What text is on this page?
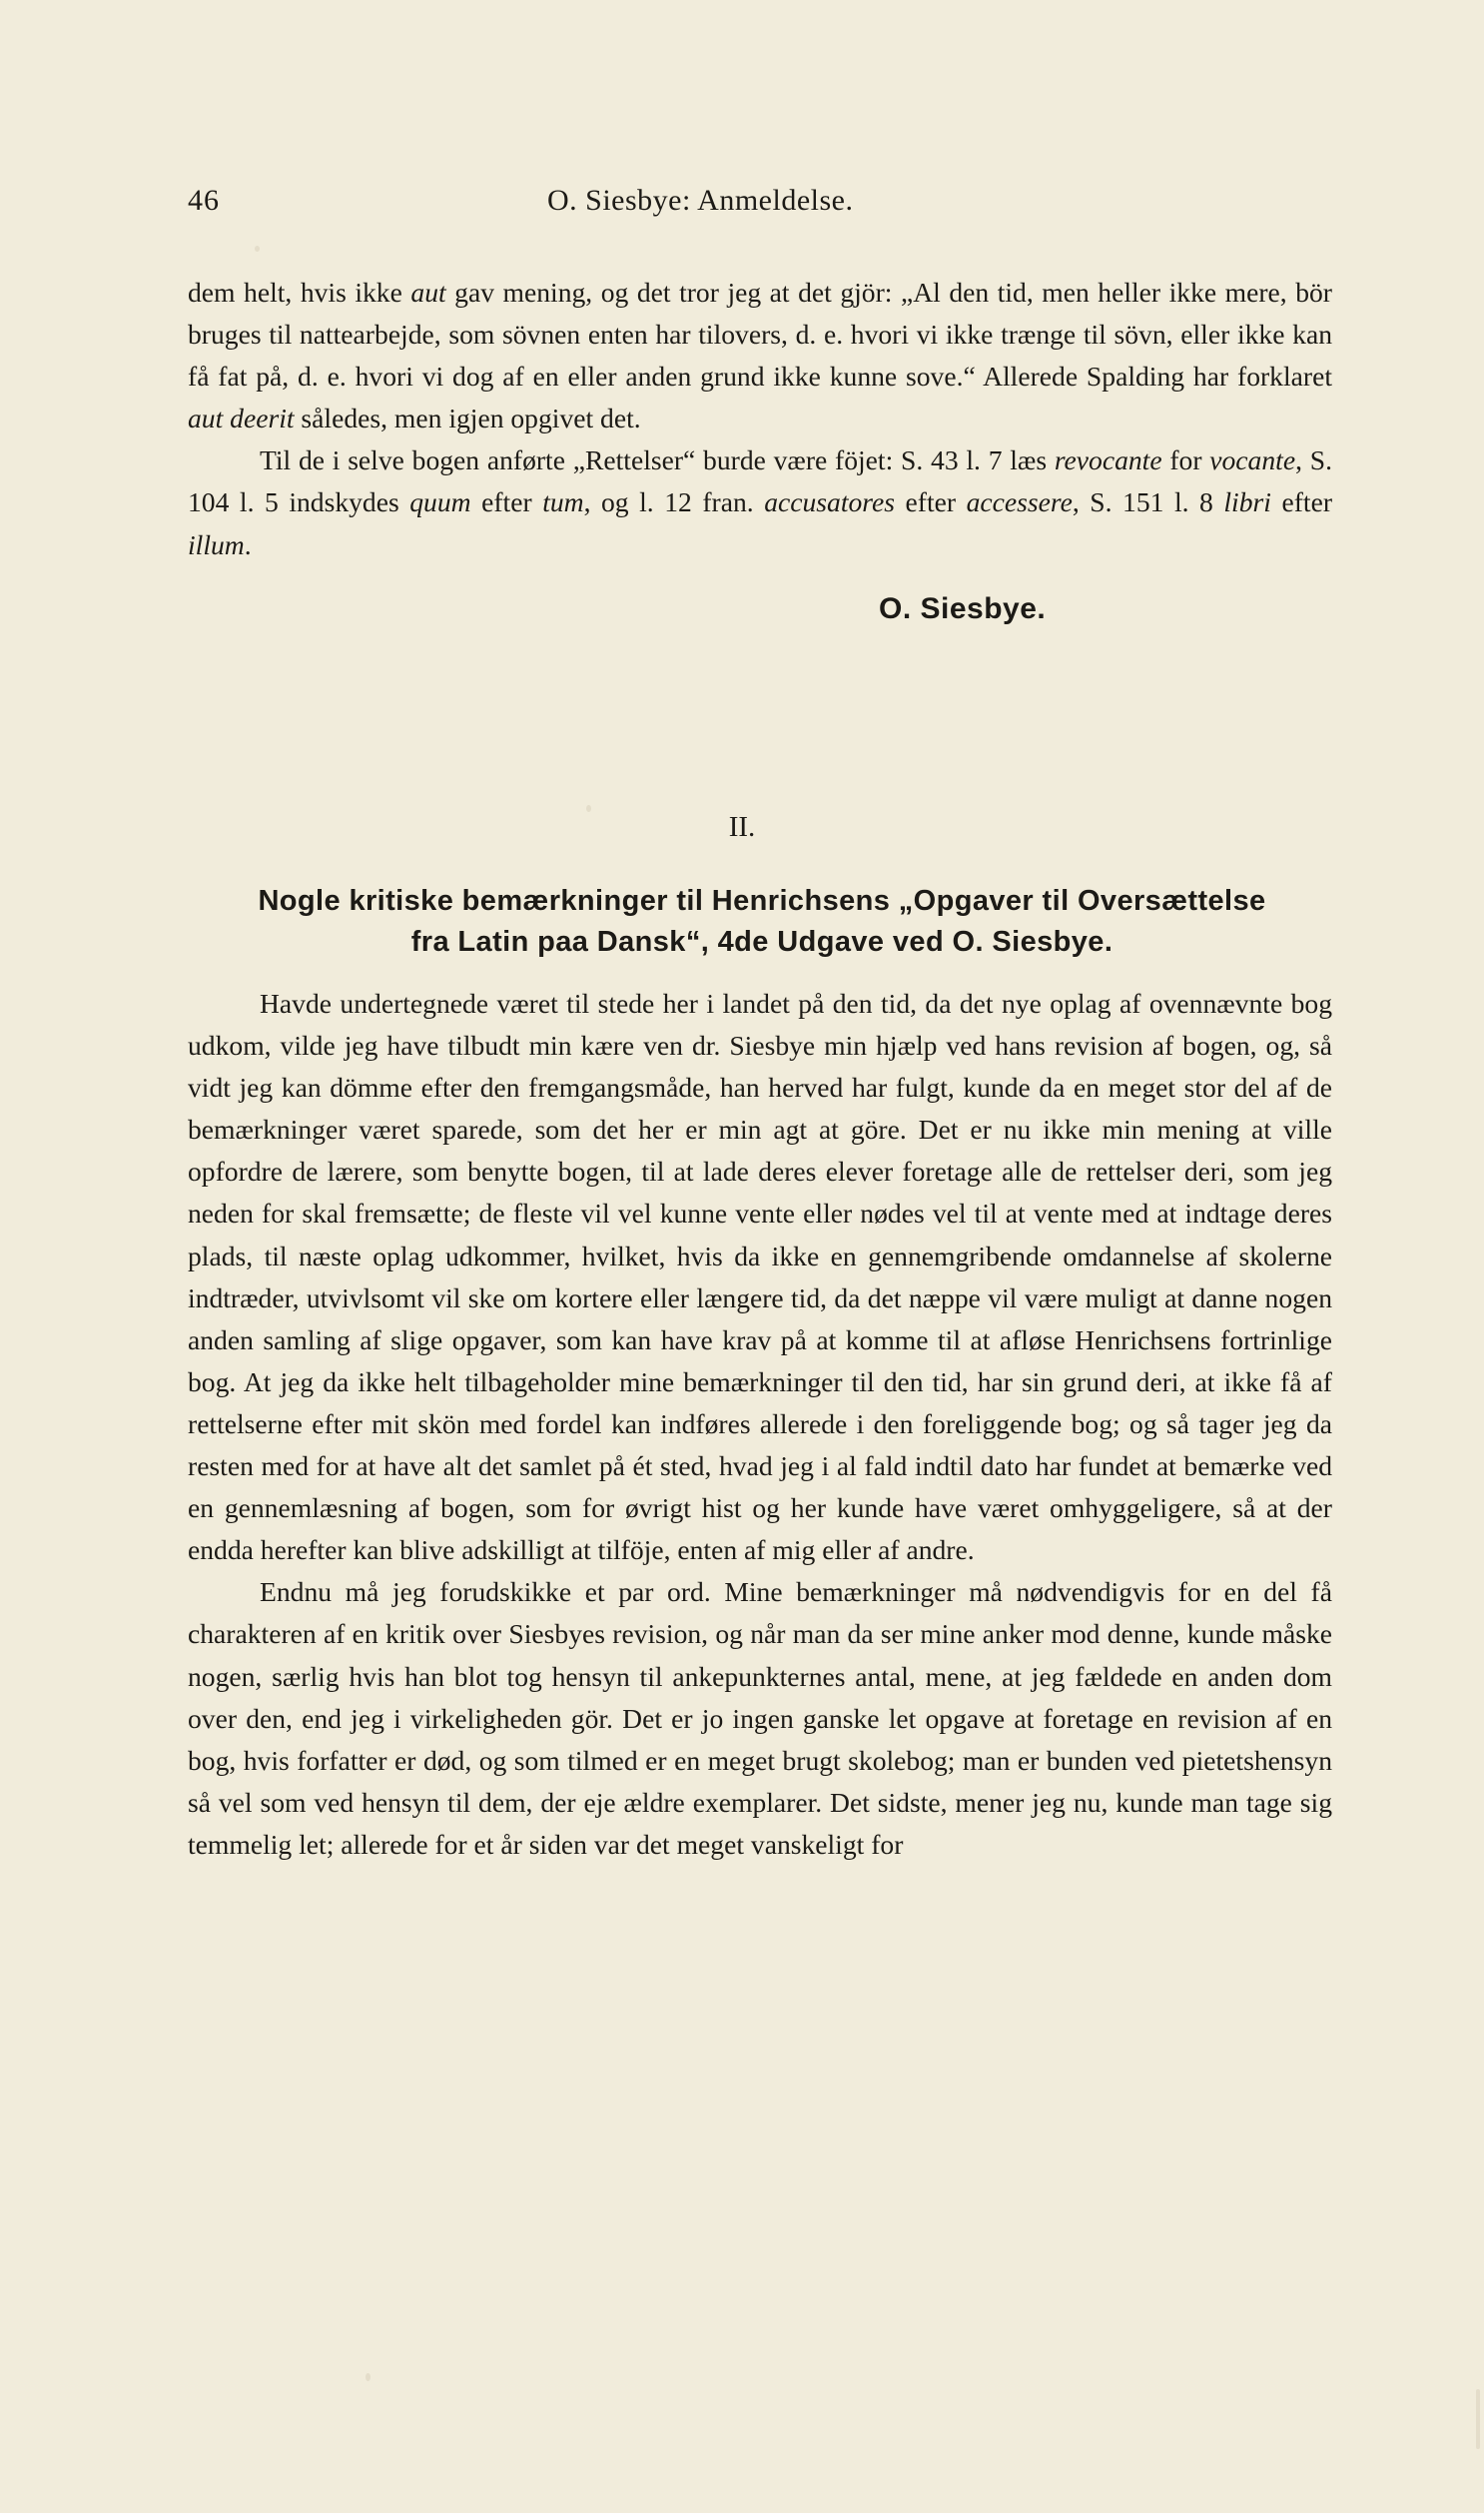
46	O. Siesbye: Anmeldelse.

dem helt, hvis ikke aut gav mening, og det tror jeg at det gjör: „Al den tid, men heller ikke mere, bör bruges til nattearbejde, som sövnen enten har tilovers, d. e. hvori vi ikke trænge til sövn, eller ikke kan få fat på, d. e. hvori vi dog af en eller anden grund ikke kunne sove.“ Allerede Spalding har forklaret aut deerit således, men igjen opgivet det.

Til de i selve bogen anførte „Rettelser“ burde være föjet: S. 43 l. 7 læs revocante for vocante, S. 104 l. 5 indskydes quum efter tum, og l. 12 fran. accusatores efter accessere, S. 151 l. 8 libri efter illum.

O. Siesbye.
II.
Nogle kritiske bemærkninger til Henrichsens „Opgaver til Oversættelse
fra Latin paa Dansk“, 4de Udgave ved O. Siesbye.

Havde undertegnede været til stede her i landet på den tid, da det nye oplag af ovennævnte bog udkom, vilde jeg have tilbudt min kære ven dr. Siesbye min hjælp ved hans revision af bogen, og, så vidt jeg kan dömme efter den fremgangsmåde, han herved har fulgt, kunde da en meget stor del af de bemærkninger været sparede, som det her er min agt at göre. Det er nu ikke min mening at ville opfordre de lærere, som benytte bogen, til at lade deres elever foretage alle de rettelser deri, som jeg neden for skal fremsætte; de fleste vil vel kunne vente eller nødes vel til at vente med at indtage deres plads, til næste oplag udkommer, hvilket, hvis da ikke en gennemgribende omdannelse af skolerne indtræder, utvivlsomt vil ske om kortere eller længere tid, da det næppe vil være muligt at danne nogen anden samling af slige opgaver, som kan have krav på at komme til at afløse Henrichsens fortrinlige bog. At jeg da ikke helt tilbageholder mine bemærkninger til den tid, har sin grund deri, at ikke få af rettelserne efter mit skön med fordel kan indføres allerede i den foreliggende bog; og så tager jeg da resten med for at have alt det samlet på ét sted, hvad jeg i al fald indtil dato har fundet at bemærke ved en gennemlæsning af bogen, som for øvrigt hist og her kunde have været omhyggeligere, så at der endda herefter kan blive adskilligt at tilföje, enten af mig eller af andre.

Endnu må jeg forudskikke et par ord. Mine bemærkninger må nødvendigvis for en del få charakteren af en kritik over Siesbyes revision, og når man da ser mine anker mod denne, kunde måske nogen, særlig hvis han blot tog hensyn til ankepunkternes antal, mene, at jeg fældede en anden dom over den, end jeg i virkeligheden gör. Det er jo ingen ganske let opgave at foretage en revision af en bog, hvis forfatter er død, og som tilmed er en meget brugt skolebog; man er bunden ved pietetshensyn så vel som ved hensyn til dem, der eje ældre exemplarer. Det sidste, mener jeg nu, kunde man tage sig temmelig let; allerede for et år siden var det meget vanskeligt for
